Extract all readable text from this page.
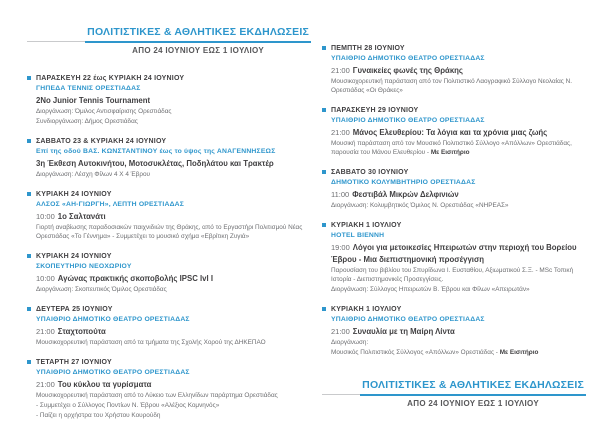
ΠΟΛΙΤΙΣΤΙΚΕΣ & ΑΘΛΗΤΙΚΕΣ ΕΚΔΗΛΩΣΕΙΣ
ΑΠΟ 24 ΙΟΥΝΙΟΥ ΕΩΣ 1 ΙΟΥΛΙΟΥ
ΠΑΡΑΣΚΕΥΗ 22 έως ΚΥΡΙΑΚΗ 24 ΙΟΥΝΙΟΥ
ΓΗΠΕΔΑ ΤΕΝΝΙΣ ΟΡΕΣΤΙΑΔΑΣ
2Νο Junior Tennis Tournament

Διοργάνωση: Όμιλος Αντισφαίρισης Ορεστιάδας

Συνδιοργάνωση: Δήμος Ορεστιάδας

ΣΑΒΒΑΤΟ 23 & ΚΥΡΙΑΚΗ 24 ΙΟΥΝΙΟΥ
Επί της οδού ΒΑΣ. ΚΩΝΣΤΑΝΤΙΝΟΥ έως το ύψος της ΑΝΑΓΕΝΝΗΣΕΩΣ
3η Έκθεση Αυτοκινήτου, Μοτοσυκλέτας, Ποδηλάτου και Τρακτέρ

Διοργάνωση: Λέσχη Φίλων 4 Χ 4 Έβρου

ΚΥΡΙΑΚΗ 24 ΙΟΥΝΙΟΥ
ΑΛΣΟΣ «ΑΗ-ΓΙΩΡΓΗ», ΛΕΠΤΗ ΟΡΕΣΤΙΑΔΑΣ
10:00 1ο Σαλτανάτι

Γιορτή αναβίωσης παραδοσιακών παιχνιδιών της Θράκης, από το Εργαστήρι Πολιτισμού Νέας Ορεστιάδας «Το Γέννημα» - Συμμετέχει το μουσικό σχήμα «Εβρίτικη Ζυγιά»

ΚΥΡΙΑΚΗ 24 ΙΟΥΝΙΟΥ
ΣΚΟΠΕΥΤΗΡΙΟ ΝΕΟΧΩΡΙΟΥ
10:00 Αγώνας πρακτικής σκοποβολής IPSC lvl I

Διοργάνωση: Σκοπευτικός Όμιλος Ορεστιάδας

ΔΕΥΤΕΡΑ 25 ΙΟΥΝΙΟΥ
ΥΠΑΙΘΡΙΟ ΔΗΜΟΤΙΚΟ ΘΕΑΤΡΟ ΟΡΕΣΤΙΑΔΑΣ
21:00 Σταχτοπούτα

Μουσικοχορευτική παράσταση από τα τμήματα της Σχολής Χορού της ΔΗΚΕΠΑΟ

ΤΕΤΑΡΤΗ 27 ΙΟΥΝΙΟΥ
ΥΠΑΙΘΡΙΟ ΔΗΜΟΤΙΚΟ ΘΕΑΤΡΟ ΟΡΕΣΤΙΑΔΑΣ
21:00 Του κύκλου τα γυρίσματα

Μουσικοχορευτική παράσταση από το Λύκειο των Ελληνίδων παράρτημα Ορεστιάδας

- Συμμετέχει ο Σύλλογος Ποντίων Ν. Έβρου «Αλέξιος Κομνηνός»

- Παίζει η ορχήστρα του Χρήστου Κουρούδη

ΠΕΜΠΤΗ 28 ΙΟΥΝΙΟΥ
ΥΠΑΙΘΡΙΟ ΔΗΜΟΤΙΚΟ ΘΕΑΤΡΟ ΟΡΕΣΤΙΑΔΑΣ
21:00 Γυναικείες φωνές της Θράκης

Μουσικοχορευτική παράσταση από τον Πολιτιστικό Λαογραφικό Σύλλογο Νεολαίας Ν. Ορεστιάδας «Οι Θράκες»

ΠΑΡΑΣΚΕΥΗ 29 ΙΟΥΝΙΟΥ
ΥΠΑΙΘΡΙΟ ΔΗΜΟΤΙΚΟ ΘΕΑΤΡΟ ΟΡΕΣΤΙΑΔΑΣ
21:00 Μάνος Ελευθερίου: Τα λόγια και τα χρόνια μιας ζωής

Μουσική παράσταση από τον Μουσικό Πολιτιστικό Σύλλογο «Απόλλων» Ορεστιάδας, παρουσία του Μάνου Ελευθερίου - Με Εισιτήριο

ΣΑΒΒΑΤΟ 30 ΙΟΥΝΙΟΥ
ΔΗΜΟΤΙΚΟ ΚΟΛΥΜΒΗΤΗΡΙΟ ΟΡΕΣΤΙΑΔΑΣ
11:00 Φεστιβάλ Μικρών Δελφινιών

Διοργάνωση: Κολυμβητικός Όμιλος Ν. Ορεστιάδας «ΝΗΡΕΑΣ»

ΚΥΡΙΑΚΗ 1 ΙΟΥΛΙΟΥ
HOTEL ΒΙΕΝΝΗ
19:00 Λόγοι για μετοικεσίες Ηπειρωτών στην περιοχή του Βορείου Έβρου - Μια διεπιστημονική προσέγγιση

Παρουσίαση του βιβλίου του Σπυρίδωνα Ι. Ευσταθίου, Αξιωματικού Σ.Ξ. - MSc Τοπική Ιστορία - Διεπιστημονικές Προσεγγίσεις.

Διοργάνωση: Σύλλογος Ηπειρωτών Β. Έβρου και Φίλων «Απειρωτάν»

ΚΥΡΙΑΚΗ 1 ΙΟΥΛΙΟΥ
ΥΠΑΙΘΡΙΟ ΔΗΜΟΤΙΚΟ ΘΕΑΤΡΟ ΟΡΕΣΤΙΑΔΑΣ
21:00 Συναυλία με τη Μαίρη Λίντα

Διοργάνωση:

Μουσικός Πολιτιστικός Σύλλογος «Απόλλων» Ορεστιάδας - Με Εισιτήριο

ΠΟΛΙΤΙΣΤΙΚΕΣ & ΑΘΛΗΤΙΚΕΣ ΕΚΔΗΛΩΣΕΙΣ
ΑΠΟ 24 ΙΟΥΝΙΟΥ ΕΩΣ 1 ΙΟΥΛΙΟΥ
